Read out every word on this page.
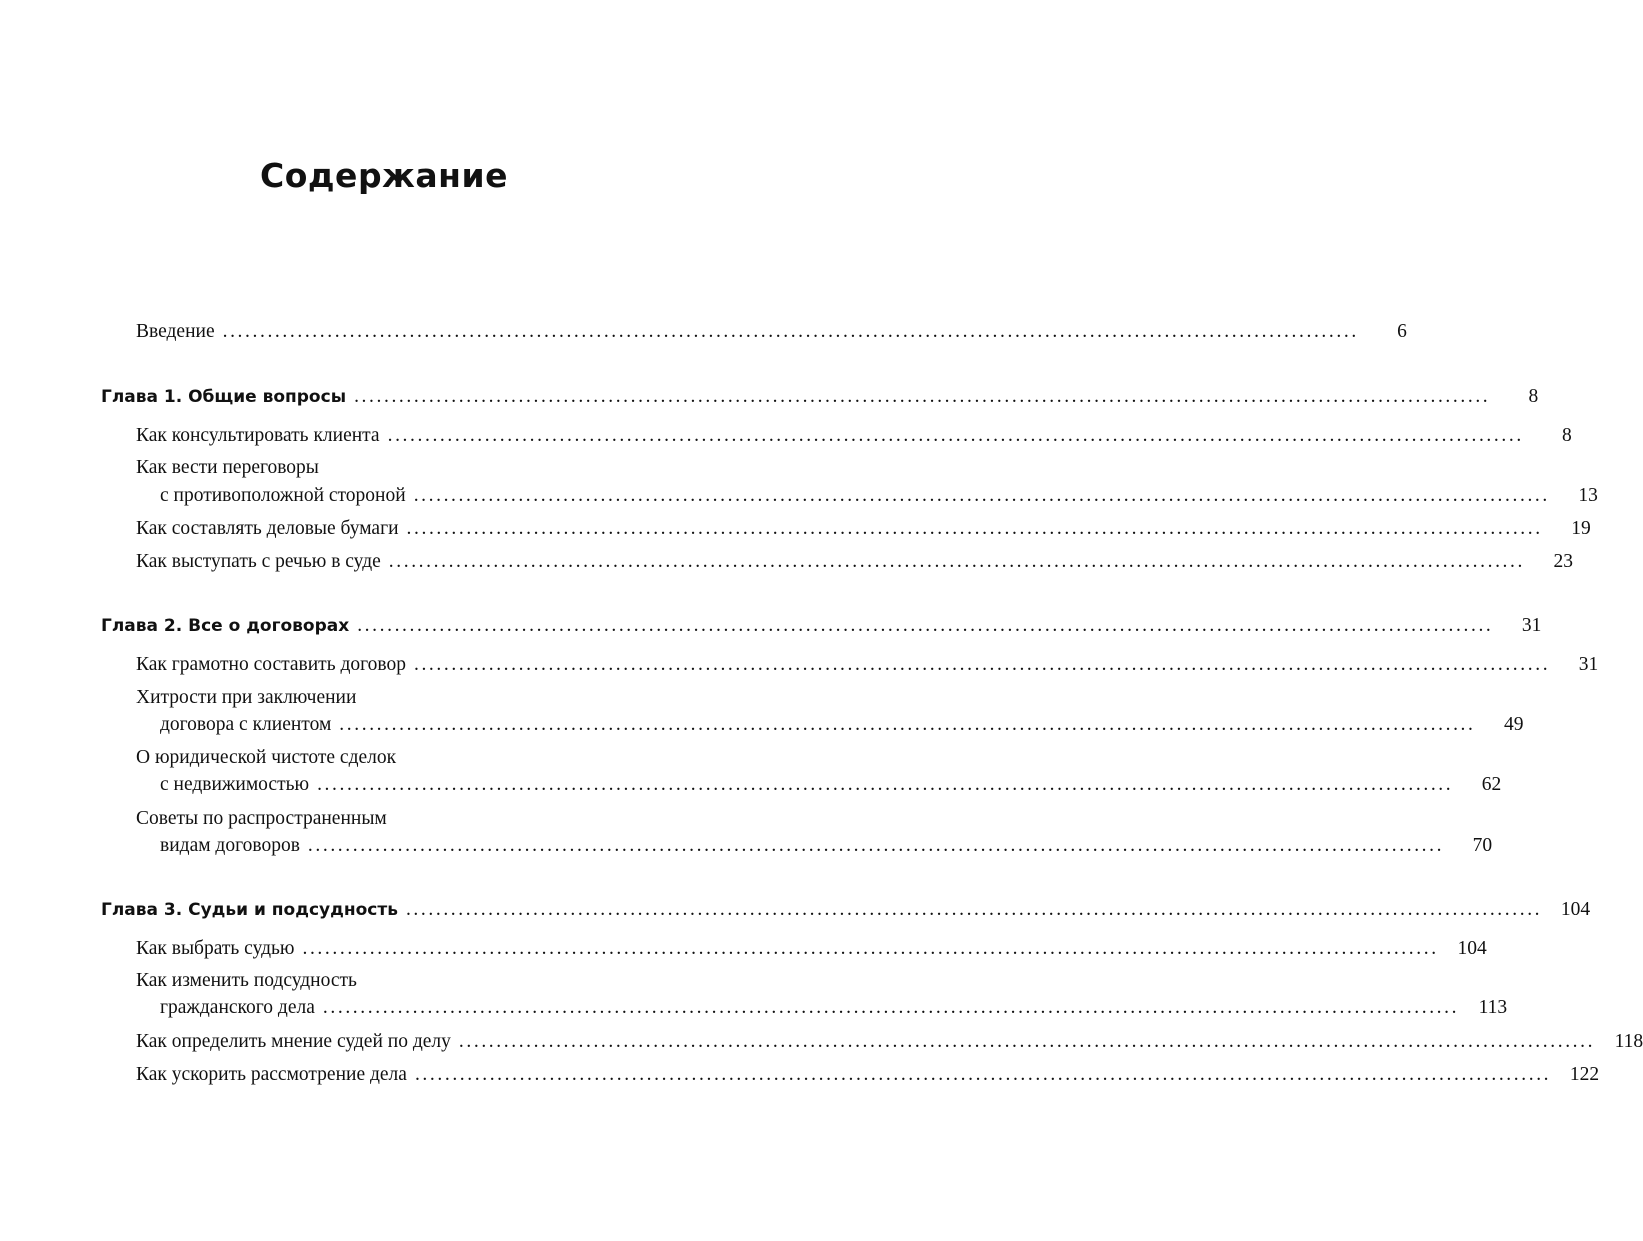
Содержание
Введение ........................................................................................................................................................	6
Глава 1. Общие вопросы ........................................................................................................................................................	8
Как консультировать клиента ........................................................................................................................................................	8
Как вести переговоры
с противоположной стороной ........................................................................................................................................................	13
Как составлять деловые бумаги ........................................................................................................................................................	19
Как выступать с речью в суде ........................................................................................................................................................	23
Глава 2. Все о договорах ........................................................................................................................................................	31
Как грамотно составить договор ........................................................................................................................................................	31
Хитрости при заключении
договора с клиентом ........................................................................................................................................................	49
О юридической чистоте сделок
с недвижимостью ........................................................................................................................................................	62
Советы по распространенным
видам договоров ........................................................................................................................................................	70
Глава 3. Судьи и подсудность ........................................................................................................................................................ 104
Как выбрать судью ........................................................................................................................................................ 104
Как изменить подсудность
гражданского дела ........................................................................................................................................................ 113
Как определить мнение судей по делу ........................................................................................................................................................ 118
Как ускорить рассмотрение дела ........................................................................................................................................................ 122
